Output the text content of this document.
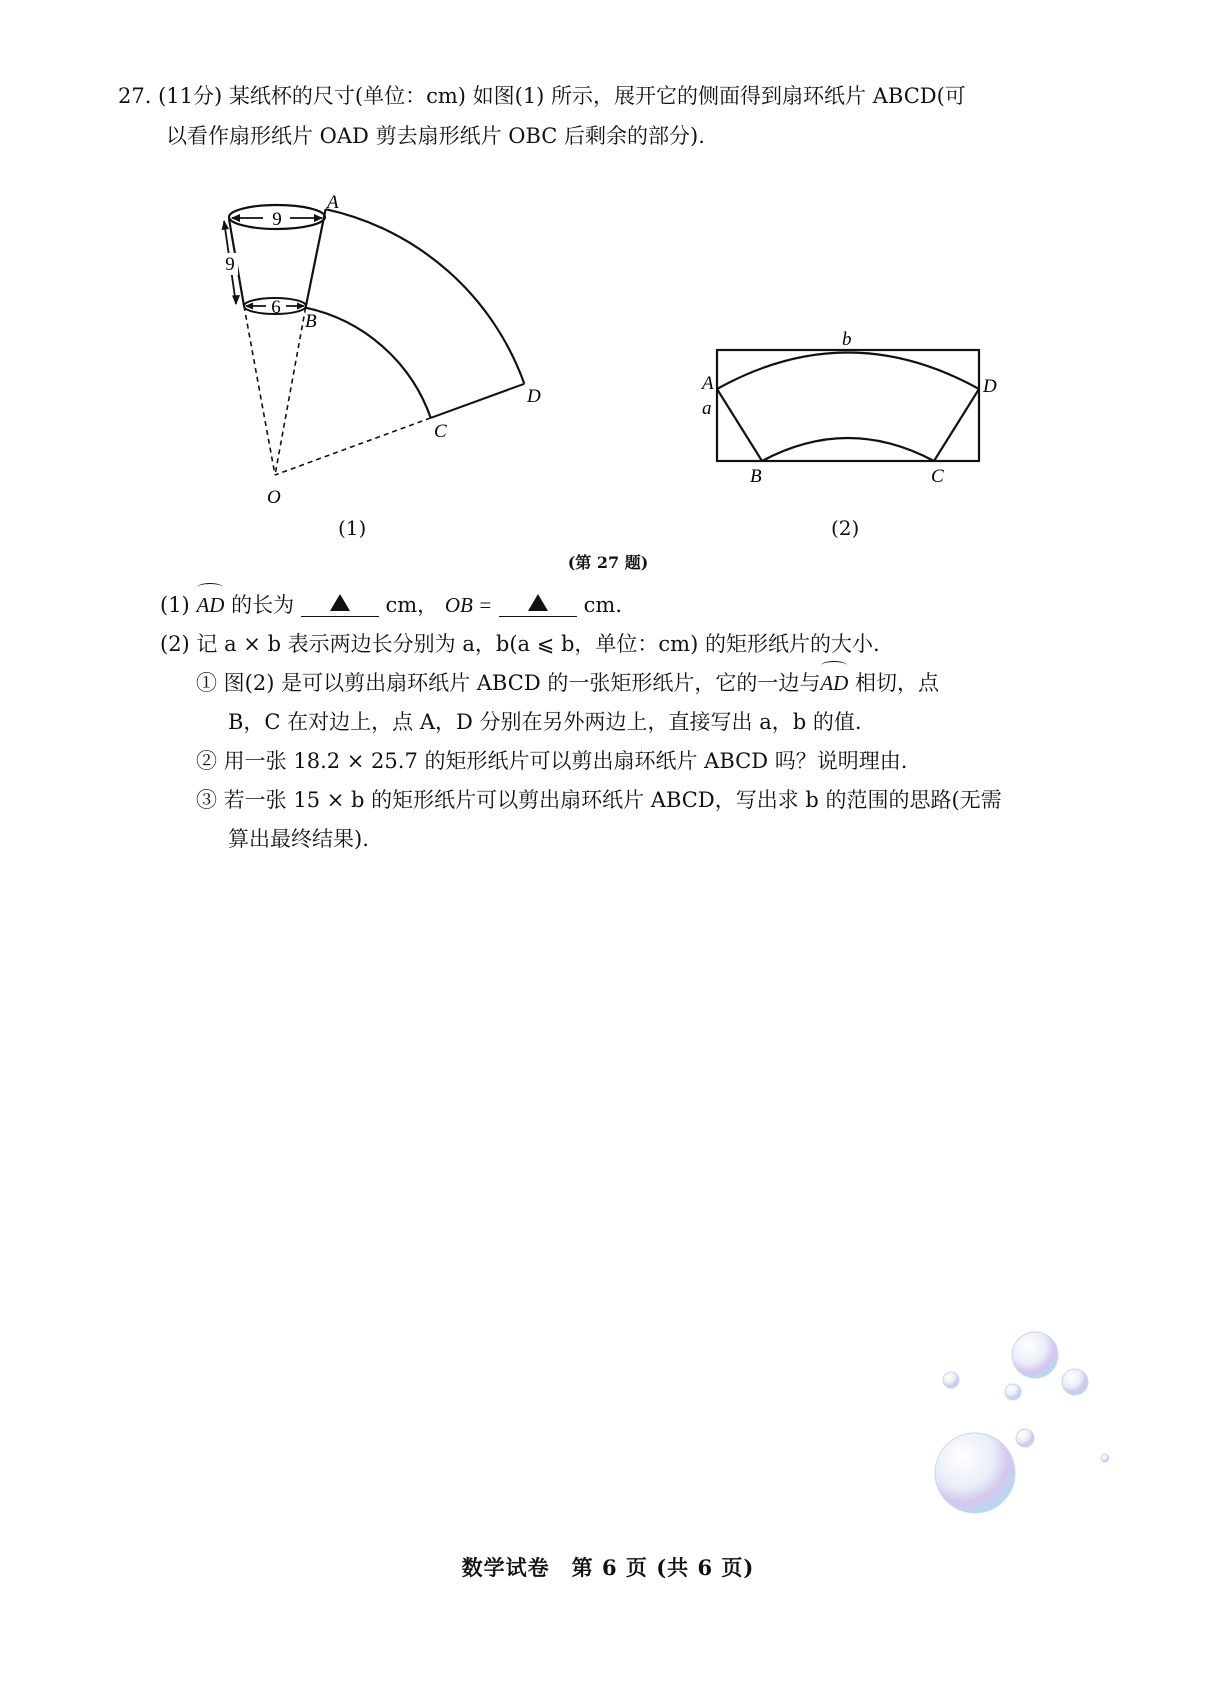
27. (11分) 某纸杯的尺寸(单位：cm) 如图(1) 所示，展开它的侧面得到扇环纸片 ABCD(可
以看作扇形纸片 OAD 剪去扇形纸片 OBC 后剩余的部分).
9
9
6
A
B
C
D
O
(1)
b
A
a
D
B	C
(2)
(第 27 题)
(1) AD 的长为	cm， OB =	cm.
(2) 记 a × b 表示两边长分别为 a，b(a ⩽ b，单位：cm) 的矩形纸片的大小.
① 图(2) 是可以剪出扇环纸片 ABCD 的一张矩形纸片，它的一边与AD 相切，点
B，C 在对边上，点 A，D 分别在另外两边上，直接写出 a，b 的值.
② 用一张 18.2 × 25.7 的矩形纸片可以剪出扇环纸片 ABCD 吗？说明理由.
③ 若一张 15 × b 的矩形纸片可以剪出扇环纸片 ABCD，写出求 b 的范围的思路(无需
算出最终结果).
数学试卷　第 6 页 (共 6 页)
